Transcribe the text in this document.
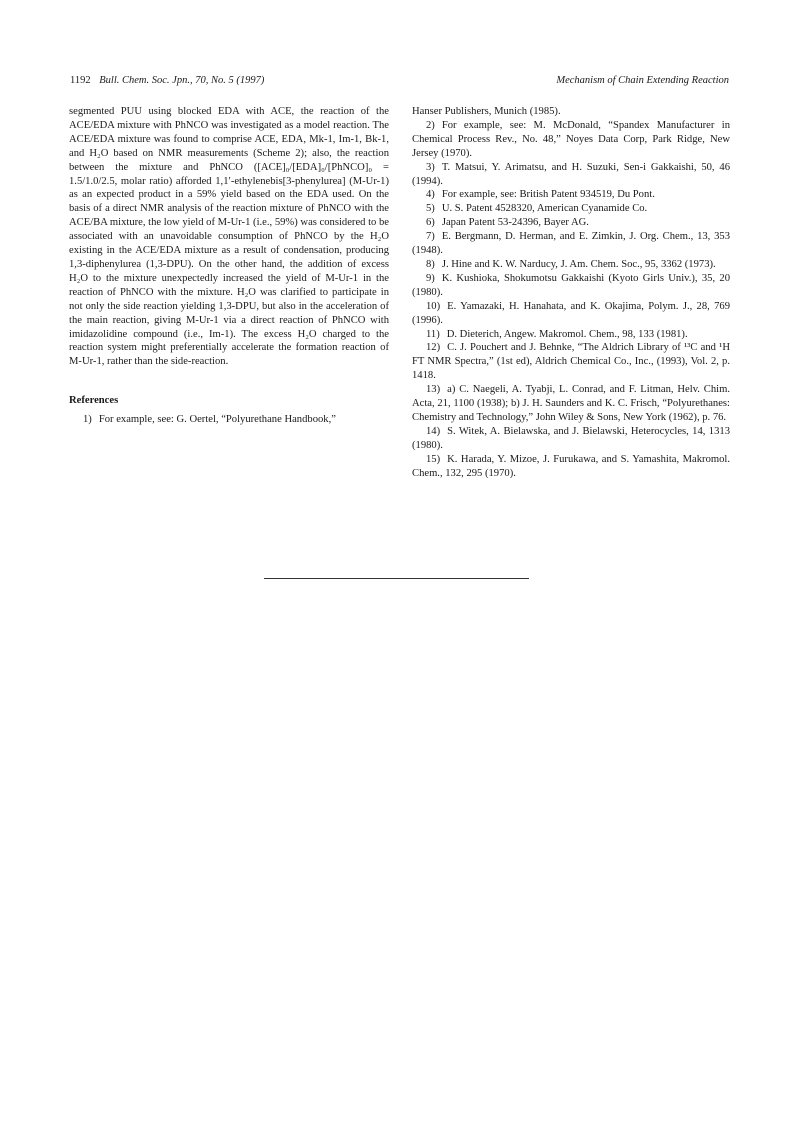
1192 Bull. Chem. Soc. Jpn., 70, No. 5 (1997)	Mechanism of Chain Extending Reaction

segmented PUU using blocked EDA with ACE, the reaction of the ACE/EDA mixture with PhNCO was investigated as a model reaction. The ACE/EDA mixture was found to comprise ACE, EDA, Mk-1, Im-1, Bk-1, and H₂O based on NMR measurements (Scheme 2); also, the reaction between the mixture and PhNCO ([ACE]₀/[EDA]₀/[PhNCO]₀ = 1.5/1.0/2.5, molar ratio) afforded 1,1′-ethylenebis[3-phenylurea] (M-Ur-1) as an expected product in a 59% yield based on the EDA used. On the basis of a direct NMR analysis of the reaction mixture of PhNCO with the ACE/BA mixture, the low yield of M-Ur-1 (i.e., 59%) was considered to be associated with an unavoidable consumption of PhNCO by the H₂O existing in the ACE/EDA mixture as a result of condensation, producing 1,3-diphenylurea (1,3-DPU). On the other hand, the addition of excess H₂O to the mixture unexpectedly increased the yield of M-Ur-1 in the reaction of PhNCO with the mixture. H₂O was clarified to participate in not only the side reaction yielding 1,3-DPU, but also in the acceleration of the main reaction, giving M-Ur-1 via a direct reaction of PhNCO with imidazolidine compound (i.e., Im-1). The excess H₂O charged to the reaction system might preferentially accelerate the formation reaction of M-Ur-1, rather than the side-reaction.

References

1) For example, see: G. Oertel, “Polyurethane Handbook,”

Hanser Publishers, Munich (1985).

2) For example, see: M. McDonald, “Spandex Manufacturer in Chemical Process Rev., No. 48,” Noyes Data Corp, Park Ridge, New Jersey (1970).

3) T. Matsui, Y. Arimatsu, and H. Suzuki, Sen-i Gakkaishi, 50, 46 (1994).

4) For example, see: British Patent 934519, Du Pont.

5) U. S. Patent 4528320, American Cyanamide Co.

6) Japan Patent 53-24396, Bayer AG.

7) E. Bergmann, D. Herman, and E. Zimkin, J. Org. Chem., 13, 353 (1948).

8) J. Hine and K. W. Narducy, J. Am. Chem. Soc., 95, 3362 (1973).

9) K. Kushioka, Shokumotsu Gakkaishi (Kyoto Girls Univ.), 35, 20 (1980).

10) E. Yamazaki, H. Hanahata, and K. Okajima, Polym. J., 28, 769 (1996).

11) D. Dieterich, Angew. Makromol. Chem., 98, 133 (1981).

12) C. J. Pouchert and J. Behnke, “The Aldrich Library of ¹³C and ¹H FT NMR Spectra,” (1st ed), Aldrich Chemical Co., Inc., (1993), Vol. 2, p. 1418.

13) a) C. Naegeli, A. Tyabji, L. Conrad, and F. Litman, Helv. Chim. Acta, 21, 1100 (1938); b) J. H. Saunders and K. C. Frisch, “Polyurethanes: Chemistry and Technology,” John Wiley & Sons, New York (1962), p. 76.

14) S. Witek, A. Bielawska, and J. Bielawski, Heterocycles, 14, 1313 (1980).

15) K. Harada, Y. Mizoe, J. Furukawa, and S. Yamashita, Makromol. Chem., 132, 295 (1970).
